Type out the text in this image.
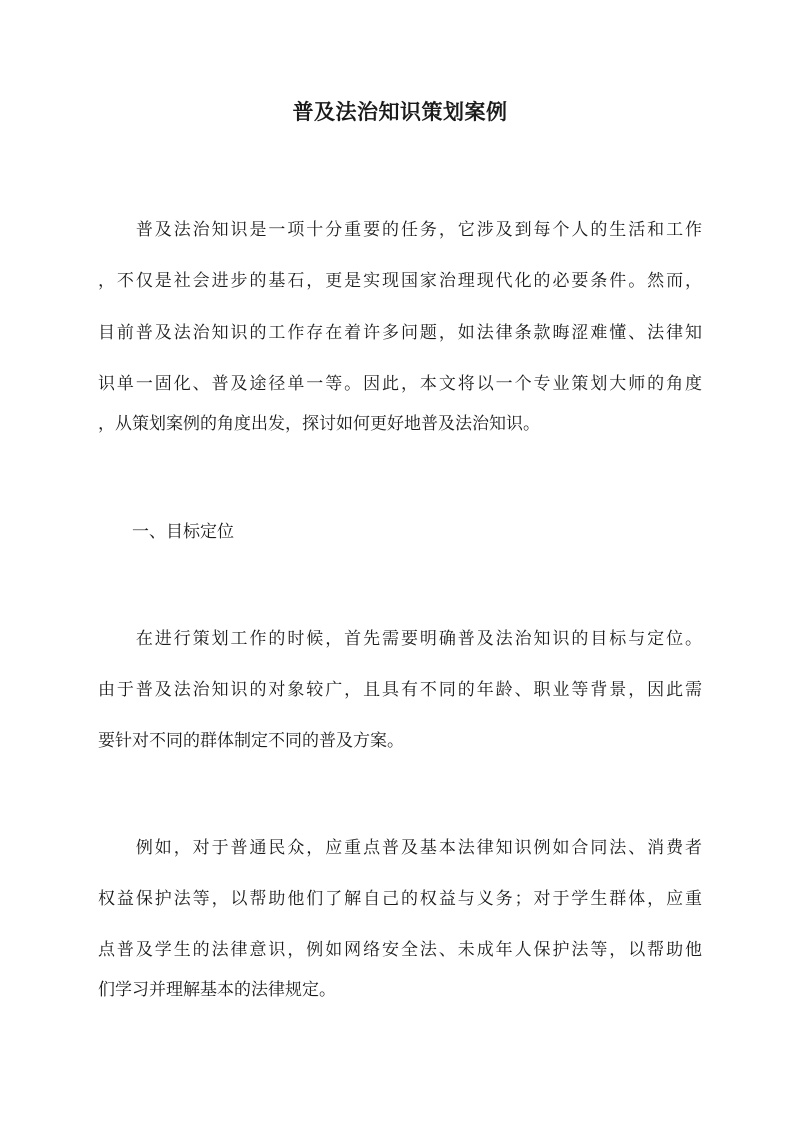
普及法治知识策划案例

　　普及法治知识是一项十分重要的任务，它涉及到每个人的生活和工作

，不仅是社会进步的基石，更是实现国家治理现代化的必要条件。然而，

目前普及法治知识的工作存在着许多问题，如法律条款晦涩难懂、法律知

识单一固化、普及途径单一等。因此，本文将以一个专业策划大师的角度

，从策划案例的角度出发，探讨如何更好地普及法治知识。

　　一、目标定位

　　在进行策划工作的时候，首先需要明确普及法治知识的目标与定位。

由于普及法治知识的对象较广，且具有不同的年龄、职业等背景，因此需

要针对不同的群体制定不同的普及方案。

　　例如，对于普通民众，应重点普及基本法律知识例如合同法、消费者

权益保护法等，以帮助他们了解自己的权益与义务；对于学生群体，应重

点普及学生的法律意识，例如网络安全法、未成年人保护法等，以帮助他

们学习并理解基本的法律规定。
